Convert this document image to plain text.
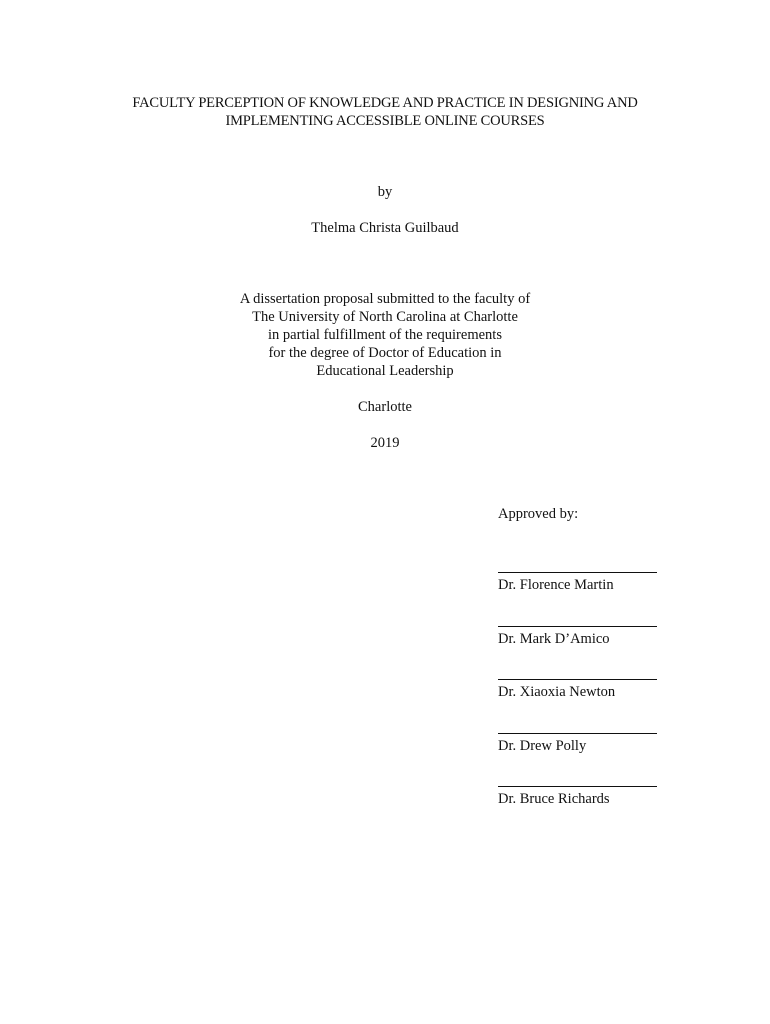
FACULTY PERCEPTION OF KNOWLEDGE AND PRACTICE IN DESIGNING AND
IMPLEMENTING ACCESSIBLE ONLINE COURSES
by
Thelma Christa Guilbaud
A dissertation proposal submitted to the faculty of
The University of North Carolina at Charlotte
in partial fulfillment of the requirements
for the degree of Doctor of Education in
Educational Leadership
Charlotte
2019
Approved by:
Dr. Florence Martin
Dr. Mark D’Amico
Dr. Xiaoxia Newton
Dr. Drew Polly
Dr. Bruce Richards
